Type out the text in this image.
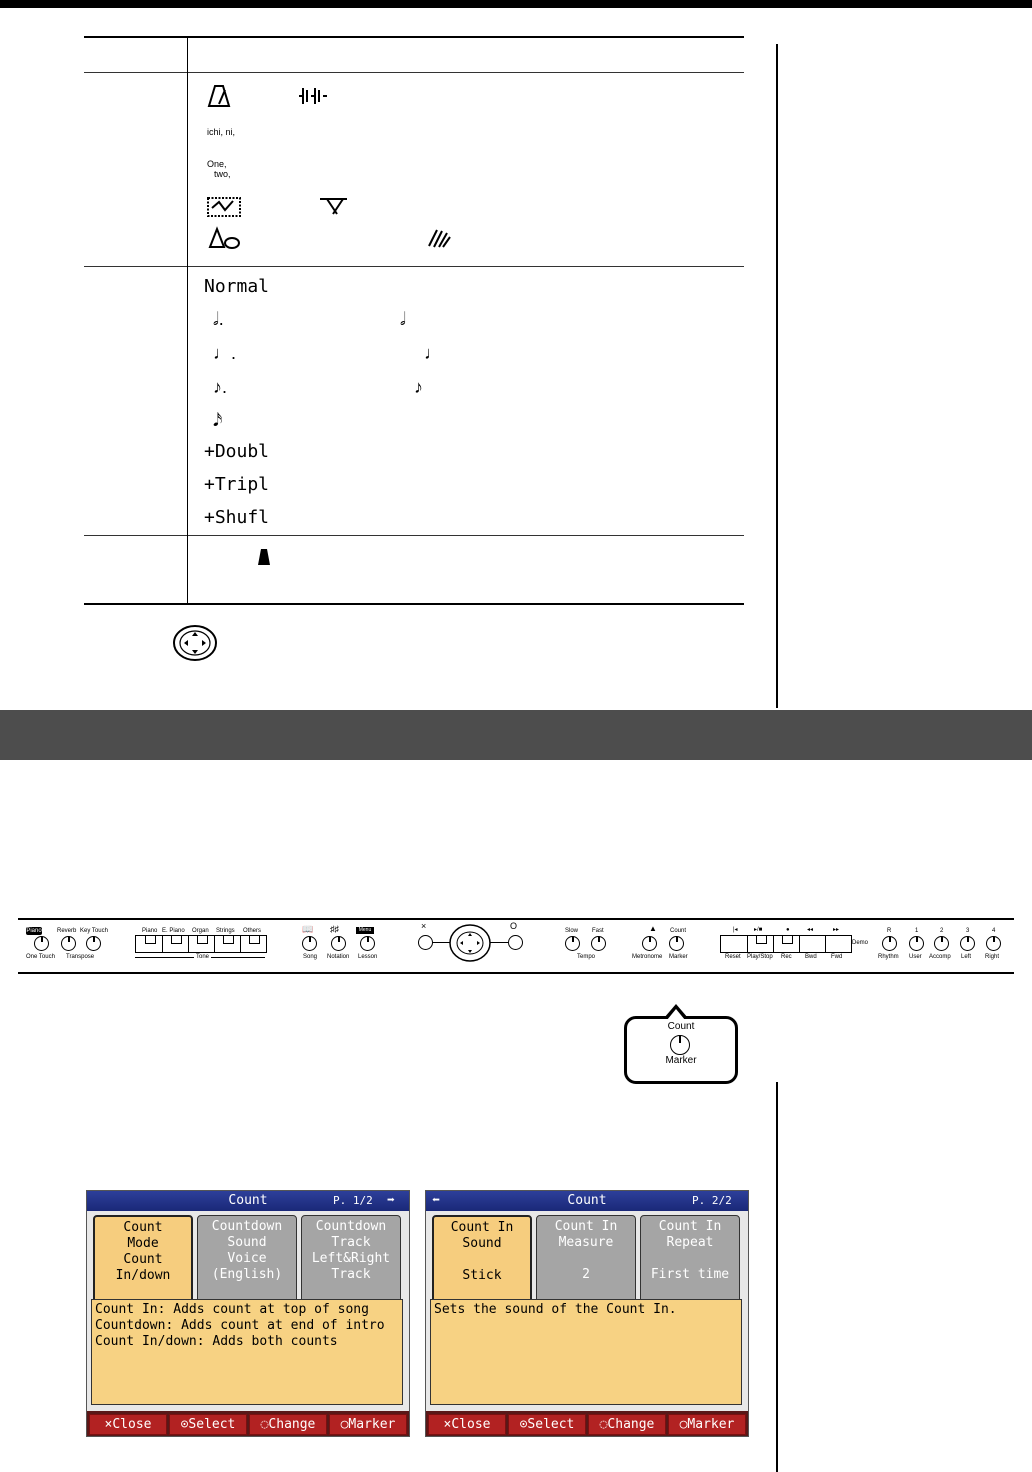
ichi, ni,
One,
two,
Normal
𝅗𝅥.	𝅗𝅥
♩.	♩
♪.	♪
𝅘𝅥𝅯
+Doubl
+Tripl
+Shufl
Piano	Reverb Key Touch
One Touch Transpose
Piano E. Piano Organ Strings Others
Tone
📖 ♯♯	Menu
Song Notation Lesson
×	O	Slow Fast
Tempo
▲ Count
Metronome Marker
|◂	▸/■	●	◂◂	▸▸
Reset Play/Stop Rec Bwd Fwd
Demo
R	1	2	3	4
Rhythm User Accomp Left Right
Count
Marker
Count	P. 1/2 ➡
Count
Mode
Count
In/down
Countdown
Sound
Voice
(English)
Countdown
Track
Left&Right
Track
Count In: Adds count at top of song
Countdown: Adds count at end of intro
Count In/down: Adds both counts
×Close	⊙Select	◌Change	○Marker
⬅	Count	P. 2/2
Count In
Sound

Stick
Count In
Measure

2
Count In
Repeat

First time
Sets the sound of the Count In.
×Close	⊙Select	◌Change	○Marker
